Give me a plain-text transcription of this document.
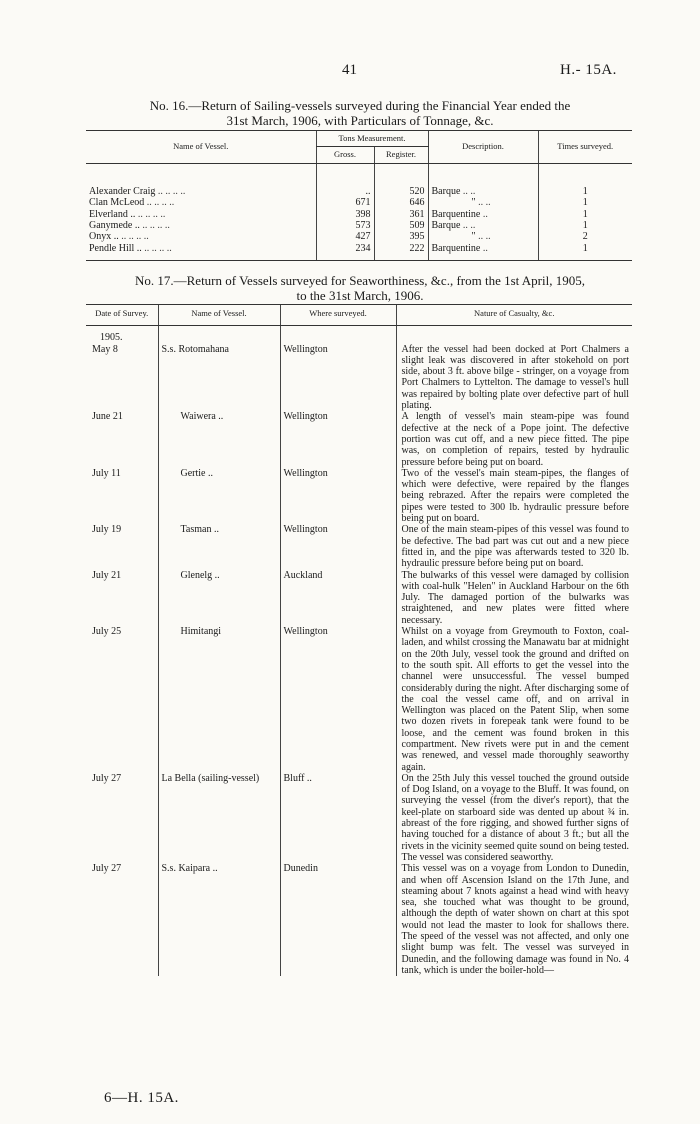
41	H.- 15A.
No. 16.—Return of Sailing-vessels surveyed during the Financial Year ended the
31st March, 1906, with Particulars of Tonnage, &c.
Name of Vessel.	Tons Measurement.		Description.	Times surveyed.
	Gross.	Register.		
Alexander Craig .. .. .. ..	..	520	Barque .. ..	1
Clan McLeod .. .. .. ..	671	646	" .. ..	1
Elverland .. .. .. .. ..	398	361	Barquentine ..	1
Ganymede .. .. .. .. ..	573	509	Barque .. ..	1
Onyx .. .. .. .. ..	427	395	" .. ..	2
Pendle Hill .. .. .. .. ..	234	222	Barquentine ..	1
No. 17.—Return of Vessels surveyed for Seaworthiness, &c., from the 1st April, 1905,
to the 31st March, 1906.
Date of Survey.	Name of Vessel.	Where surveyed.	Nature of Casualty, &c.
1905.			
May 8	S.s. Rotomahana	Wellington	After the vessel had been docked at Port Chalmers a slight leak was discovered in after stokehold on port side, about 3 ft. above bilge - stringer, on a voyage from Port Chalmers to Lyttelton. The damage to vessel's hull was repaired by bolting plate over defective part of hull plating.
June 21	Waiwera ..	Wellington	A length of vessel's main steam-pipe was found defective at the neck of a Pope joint. The defective portion was cut off, and a new piece fitted. The pipe was, on completion of repairs, tested by hydraulic pressure before being put on board.
July 11	Gertie ..	Wellington	Two of the vessel's main steam-pipes, the flanges of which were defective, were repaired by the flanges being rebrazed. After the repairs were completed the pipes were tested to 300 lb. hydraulic pressure before being put on board.
July 19	Tasman ..	Wellington	One of the main steam-pipes of this vessel was found to be defective. The bad part was cut out and a new piece fitted in, and the pipe was afterwards tested to 320 lb. hydraulic pressure before being put on board.
July 21	Glenelg ..	Auckland	The bulwarks of this vessel were damaged by collision with coal-hulk "Helen" in Auckland Harbour on the 6th July. The damaged portion of the bulwarks was straightened, and new plates were fitted where necessary.
July 25	Himitangi	Wellington	Whilst on a voyage from Greymouth to Foxton, coal-laden, and whilst crossing the Manawatu bar at midnight on the 20th July, vessel took the ground and drifted on to the south spit. All efforts to get the vessel into the channel were unsuccessful. The vessel bumped considerably during the night. After discharging some of the coal the vessel came off, and on arrival in Wellington was placed on the Patent Slip, when some two dozen rivets in forepeak tank were found to be loose, and the cement was found broken in this compartment. New rivets were put in and the cement was renewed, and vessel made thoroughly seaworthy again.
July 27	La Bella (sailing-vessel)	Bluff ..	On the 25th July this vessel touched the ground outside of Dog Island, on a voyage to the Bluff. It was found, on surveying the vessel (from the diver's report), that the keel-plate on starboard side was dented up about ¾ in. abreast of the fore rigging, and showed further signs of having touched for a distance of about 3 ft.; but all the rivets in the vicinity seemed quite sound on being tested. The vessel was considered seaworthy.
July 27	S.s. Kaipara ..	Dunedin	This vessel was on a voyage from London to Dunedin, and when off Ascension Island on the 17th June, and steaming about 7 knots against a head wind with heavy sea, she touched what was thought to be ground, although the depth of water shown on chart at this spot would not lead the master to look for shallows there. The speed of the vessel was not affected, and only one slight bump was felt. The vessel was surveyed in Dunedin, and the following damage was found in No. 4 tank, which is under the boiler-hold—
6—H. 15A.
